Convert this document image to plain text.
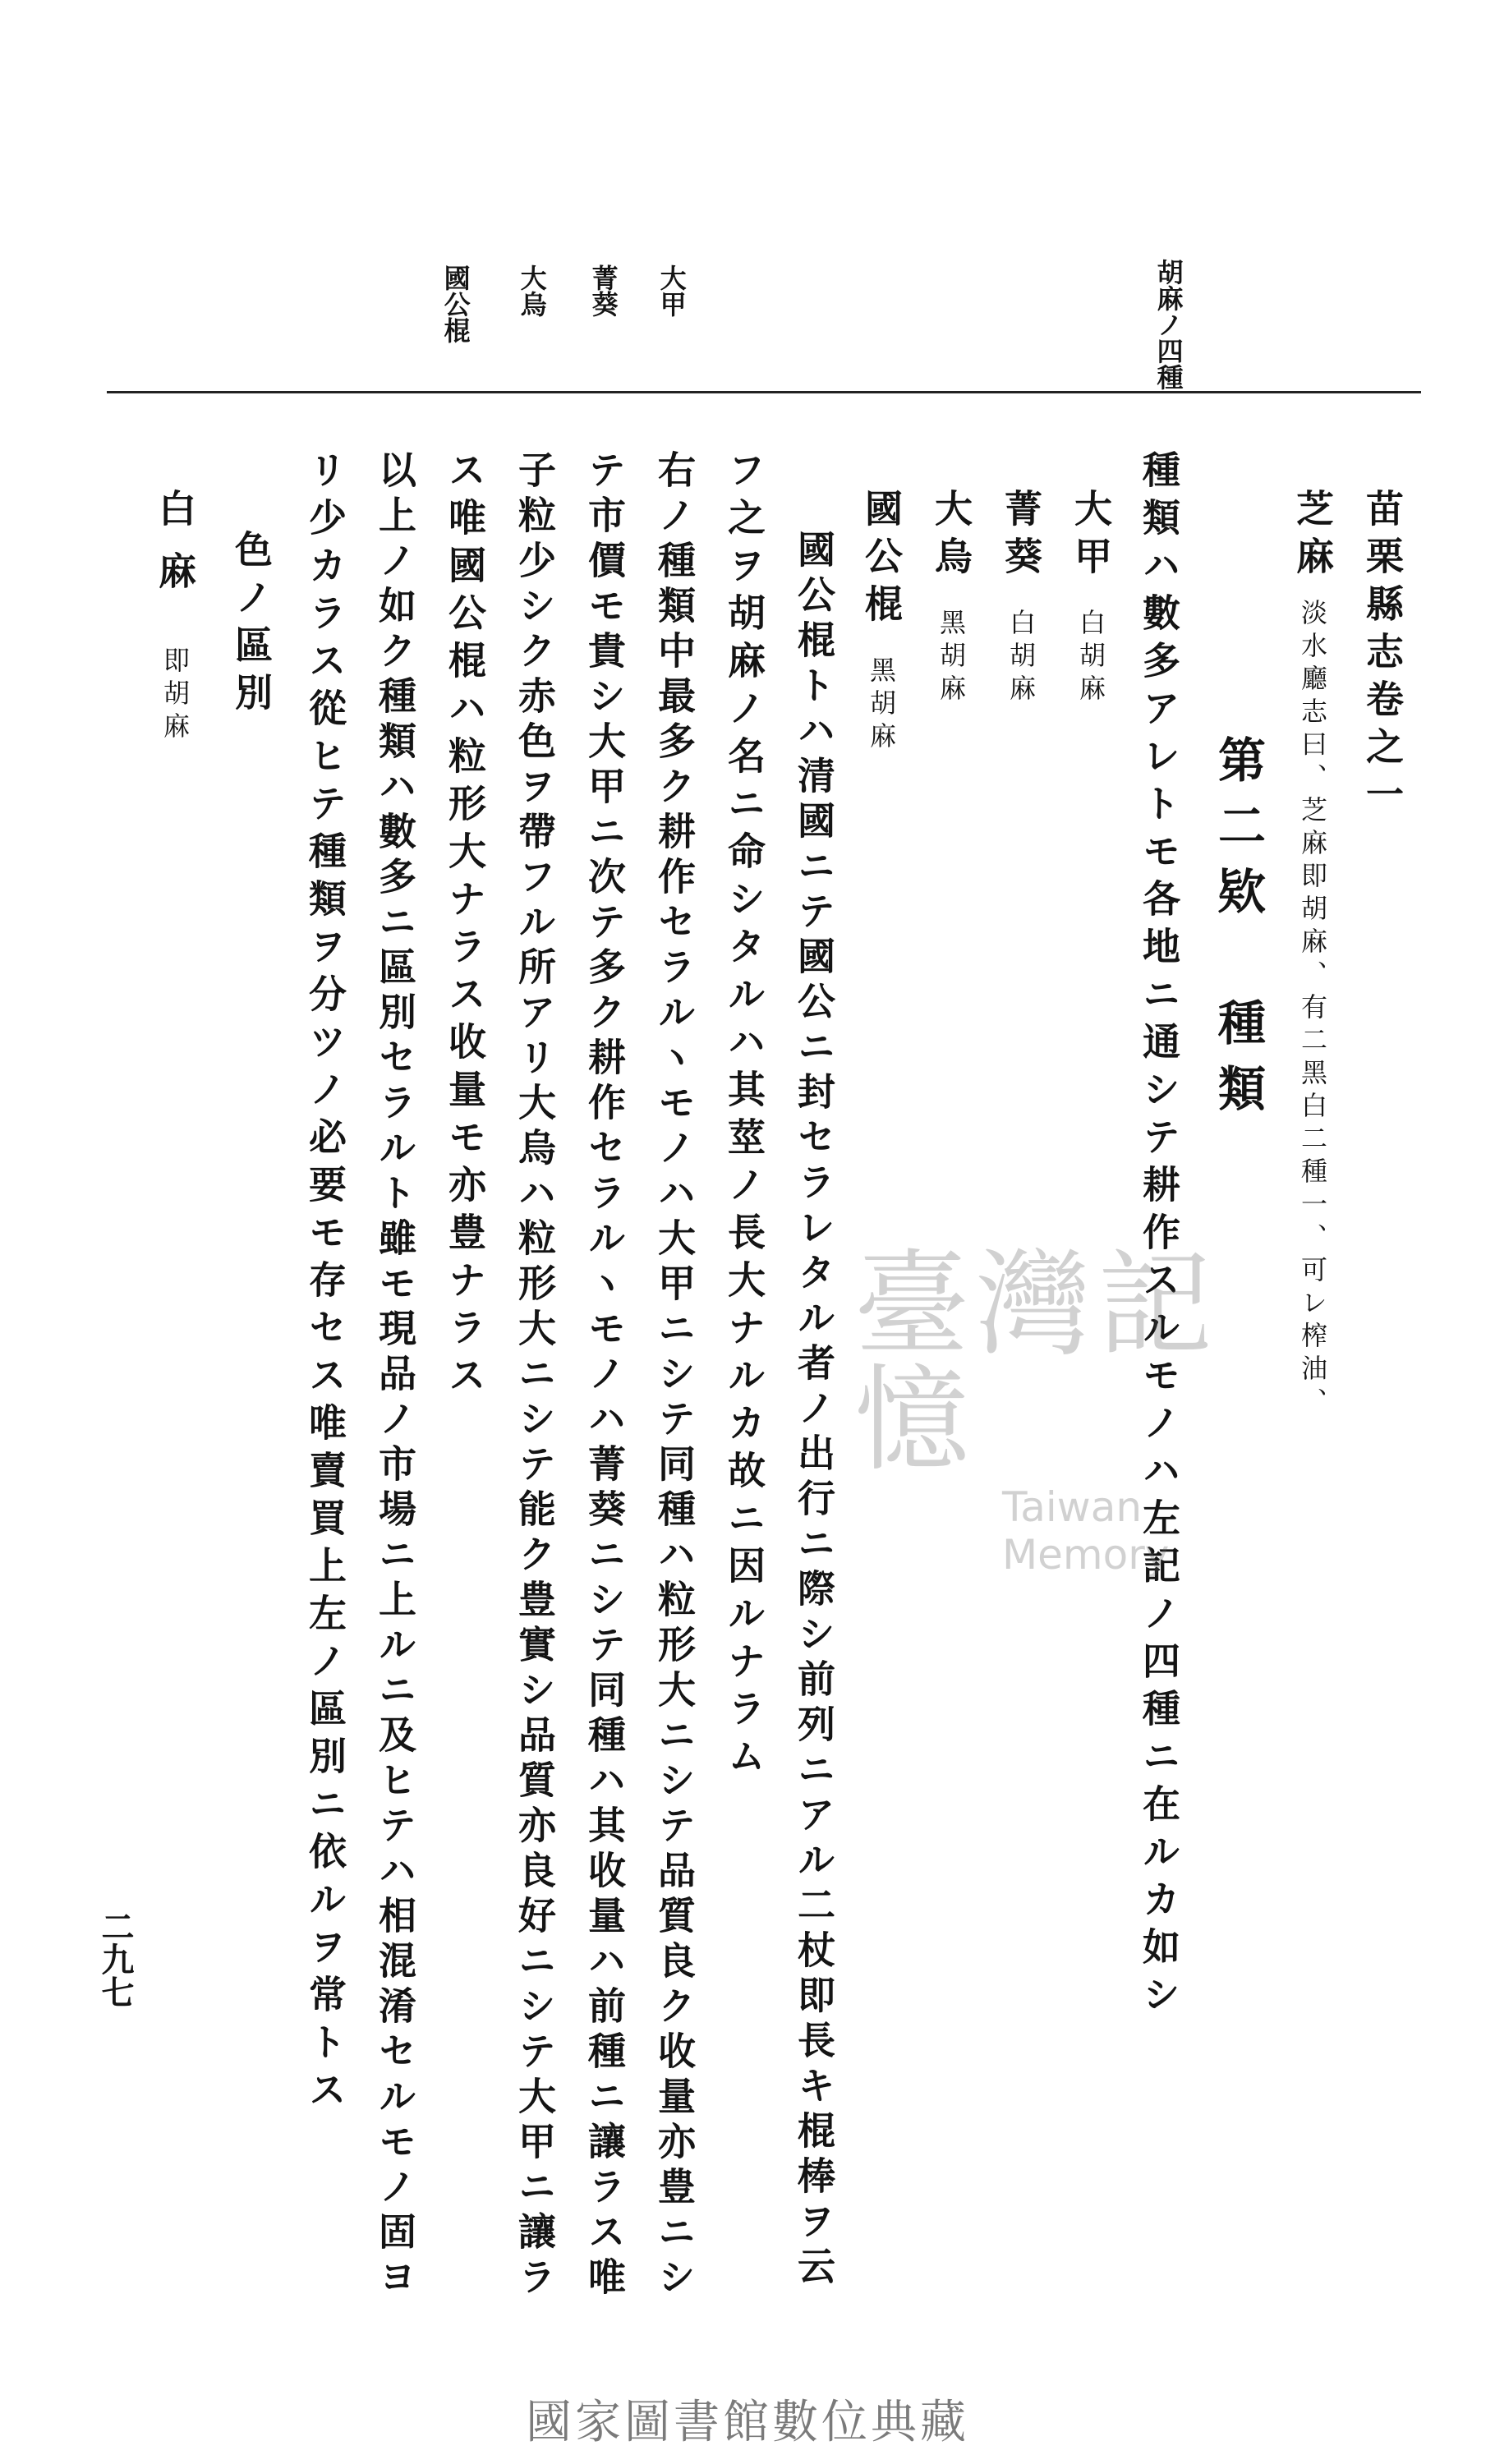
胡麻ノ四種
大甲
菁葵
大烏
國公棍
苗栗縣志卷之一
芝麻淡水廳志曰、芝麻即胡麻、有二黑白二種一、可レ榨油、
第二欵　種類
種類ハ數多アレトモ各地ニ通シテ耕作スルモノハ左記ノ四種ニ在ルカ如シ
大甲白胡麻
菁葵白胡麻
大烏黑胡麻
國公棍黑胡麻
國公棍トハ清國ニテ國公ニ封セラレタル者ノ出行ニ際シ前列ニアル二杖即長キ棍棒ヲ云
フ之ヲ胡麻ノ名ニ命シタルハ其莖ノ長大ナルカ故ニ因ルナラム
右ノ種類中最多ク耕作セラルヽモノハ大甲ニシテ同種ハ粒形大ニシテ品質良ク收量亦豊ニシ
テ市價モ貴シ大甲ニ次テ多ク耕作セラルヽモノハ菁葵ニシテ同種ハ其收量ハ前種ニ讓ラス唯
子粒少シク赤色ヲ帶フル所アリ大烏ハ粒形大ニシテ能ク豊實シ品質亦良好ニシテ大甲ニ讓ラ
ス唯國公棍ハ粒形大ナラス收量モ亦豊ナラス
以上ノ如ク種類ハ數多ニ區別セラルト雖モ現品ノ市場ニ上ルニ及ヒテハ相混淆セルモノ固ヨ
リ少カラス從ヒテ種類ヲ分ツノ必要モ存セス唯賣買上左ノ區別ニ依ルヲ常トス
色ノ區別
白麻即胡麻
二九七
臺灣記憶
Taiwan Memory
國家圖書館數位典藏
